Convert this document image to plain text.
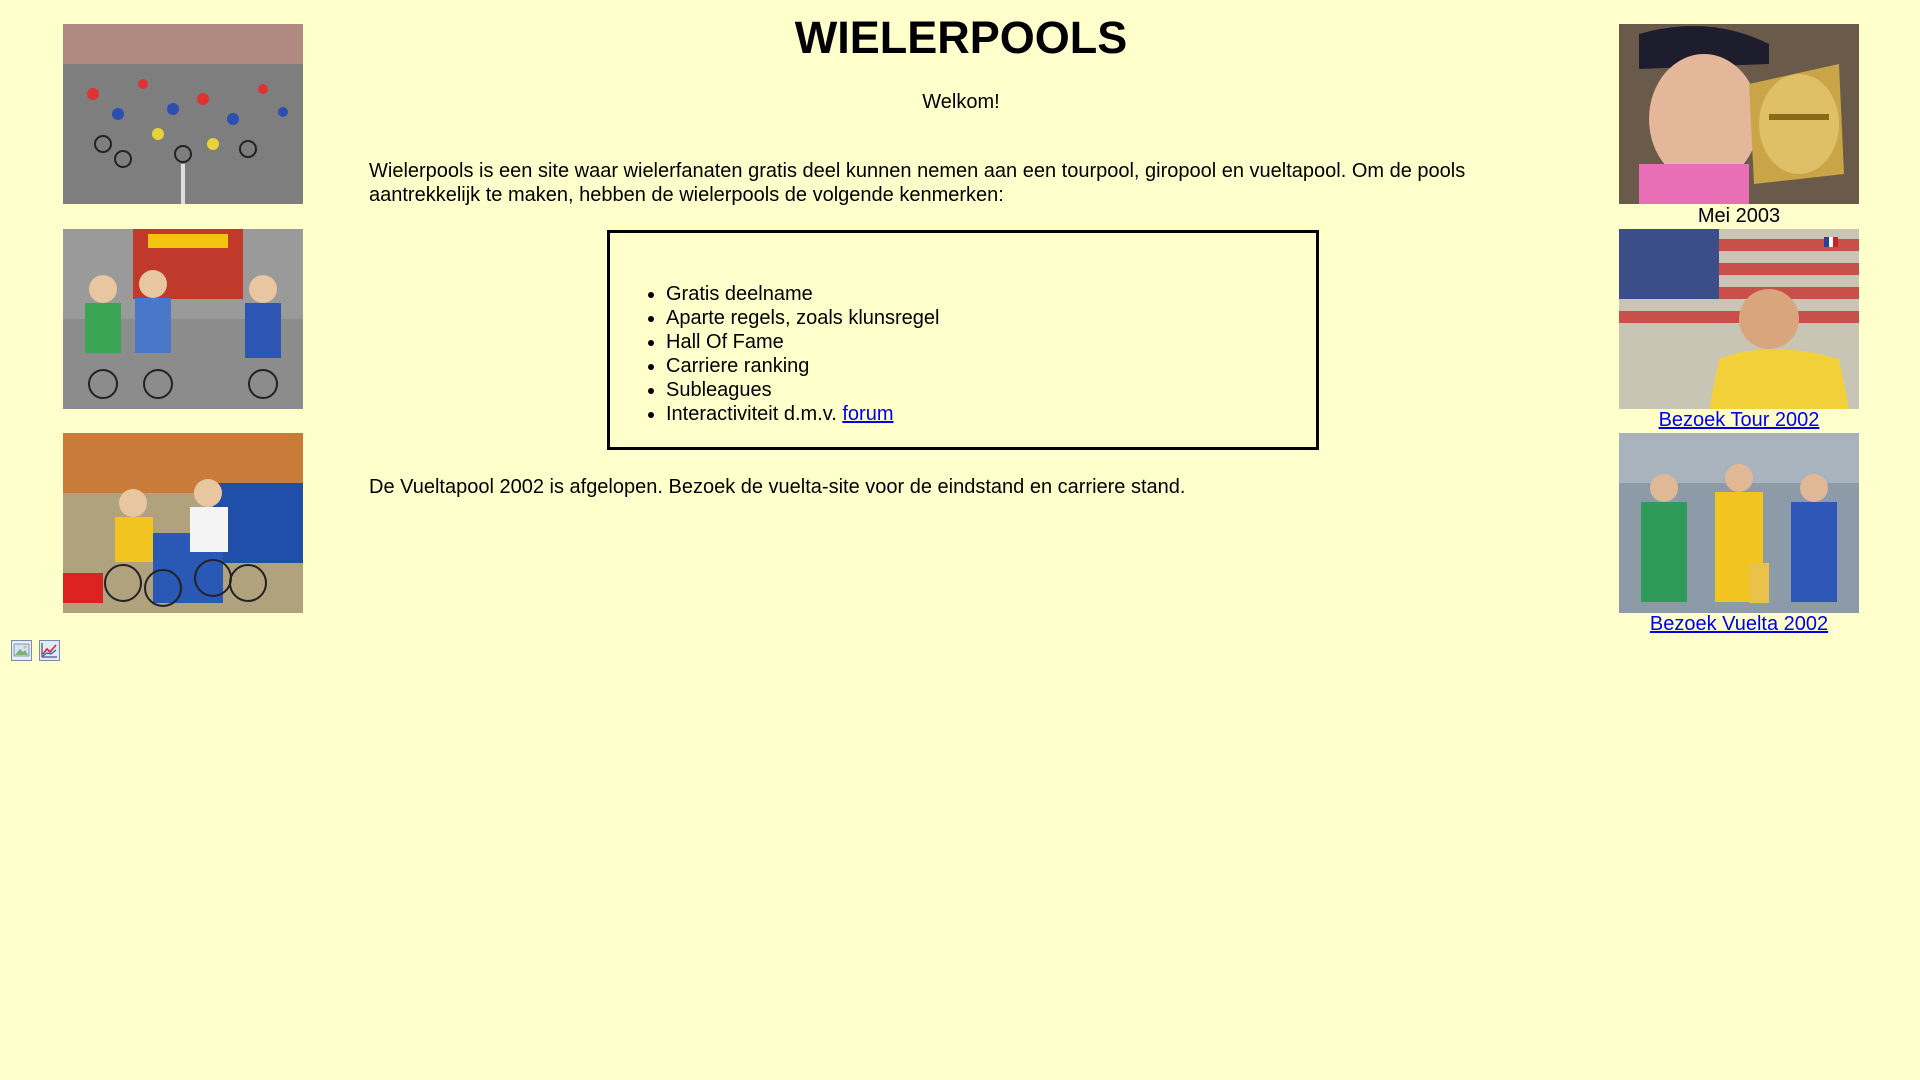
WIELERPOOLS
Welkom!
Wielerpools is een site waar wielerfanaten gratis deel kunnen nemen aan een tourpool, giropool en vueltapool. Om de pools aantrekkelijk te maken, hebben de wielerpools de volgende kenmerken:
• Gratis deelname
• Aparte regels, zoals klunsregel
• Hall Of Fame
• Carriere ranking
• Subleagues
• Interactiviteit d.m.v. forum
De Vueltapool 2002 is afgelopen. Bezoek de vuelta-site voor de eindstand en carriere stand.
Mei 2003
Bezoek Tour 2002
Bezoek Vuelta 2002
